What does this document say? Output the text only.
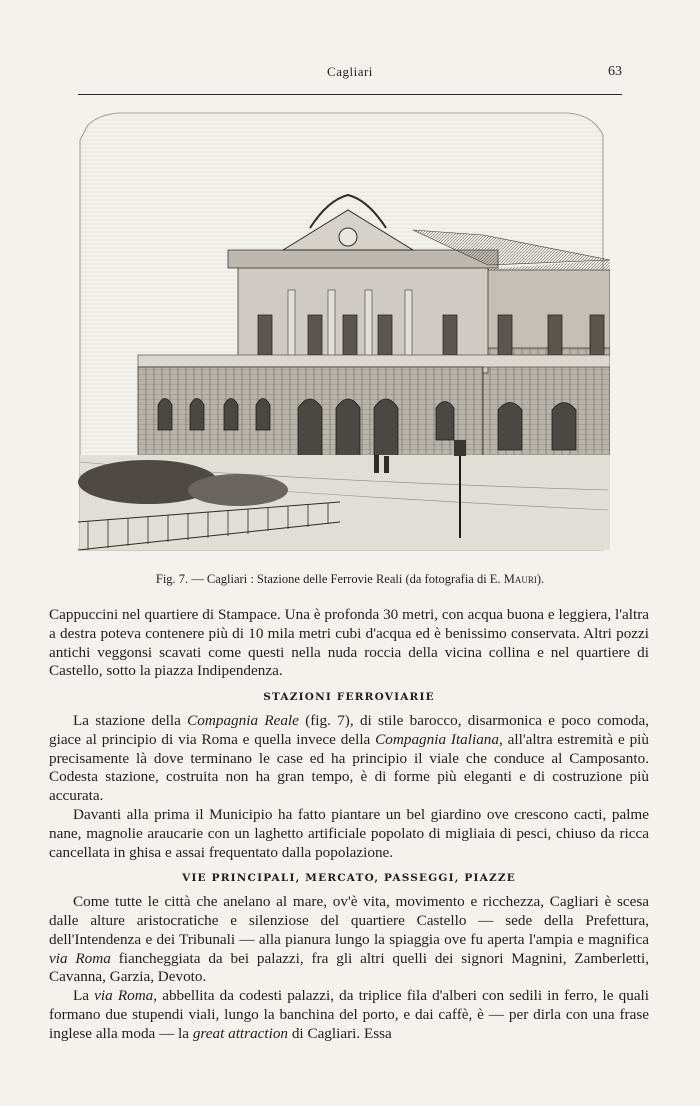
Cagliari	63
Fig. 7. — Cagliari : Stazione delle Ferrovie Reali (da fotografia di E. Mauri).

Cappuccini nel quartiere di Stampace. Una è profonda 30 metri, con acqua buona e leggiera, l'altra a destra poteva contenere più di 10 mila metri cubi d'acqua ed è benissimo conservata. Altri pozzi antichi veggonsi scavati come questi nella nuda roccia della vicina collina e nel quartiere di Castello, sotto la piazza Indipendenza.

STAZIONI FERROVIARIE

La stazione della Compagnia Reale (fig. 7), di stile barocco, disarmonica e poco comoda, giace al principio di via Roma e quella invece della Compagnia Italiana, all'altra estremità e più precisamente là dove terminano le case ed ha principio il viale che conduce al Camposanto. Codesta stazione, costruita non ha gran tempo, è di forme più eleganti e di costruzione più accurata.

Davanti alla prima il Municipio ha fatto piantare un bel giardino ove crescono cacti, palme nane, magnolie araucarie con un laghetto artificiale popolato di migliaia di pesci, chiuso da ricca cancellata in ghisa e assai frequentato dalla popolazione.

VIE PRINCIPALI, MERCATO, PASSEGGI, PIAZZE

Come tutte le città che anelano al mare, ov'è vita, movimento e ricchezza, Cagliari è scesa dalle alture aristocratiche e silenziose del quartiere Castello — sede della Prefettura, dell'Intendenza e dei Tribunali — alla pianura lungo la spiaggia ove fu aperta l'ampia e magnifica via Roma fiancheggiata da bei palazzi, fra gli altri quelli dei signori Magnini, Zamberletti, Cavanna, Garzia, Devoto.

La via Roma, abbellita da codesti palazzi, da triplice fila d'alberi con sedili in ferro, le quali formano due stupendi viali, lungo la banchina del porto, e dai caffè, è — per dirla con una frase inglese alla moda — la great attraction di Cagliari. Essa
